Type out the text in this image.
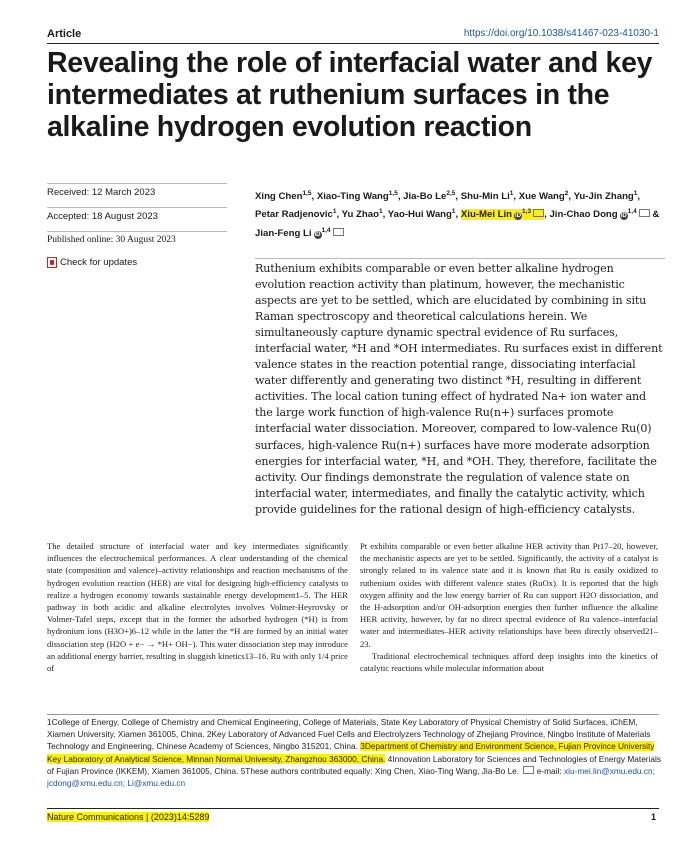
Article	https://doi.org/10.1038/s41467-023-41030-1
Revealing the role of interfacial water and key intermediates at ruthenium surfaces in the alkaline hydrogen evolution reaction
Received: 12 March 2023
Accepted: 18 August 2023
Published online: 30 August 2023
Check for updates
Xing Chen$^{1,5}$, Xiao-Ting Wang$^{1,5}$, Jia-Bo Le$^{2,5}$, Shu-Min Li$^1$, Xue Wang$^2$, Yu-Jin Zhang$^1$, Petar Radjenovic$^1$, Yu Zhao$^1$, Yao-Hui Wang$^1$, Xiu-Mei Lin iD$^{1,3}$ , Jin-Chao Dong iD$^{1,4}$ & Jian-Feng Li iD$^{1,4}$

Ruthenium exhibits comparable or even better alkaline hydrogen evolution reaction activity than platinum, however, the mechanistic aspects are yet to be settled, which are elucidated by combining in situ Raman spectroscopy and theoretical calculations herein. We simultaneously capture dynamic spectral evidence of Ru surfaces, interfacial water, *H and *OH intermediates. Ru surfaces exist in different valence states in the reaction potential range, dissociating interfacial water differently and generating two distinct *H, resulting in different activities. The local cation tuning effect of hydrated Na+ ion water and the large work function of high-valence Ru(n+) surfaces promote interfacial water dissociation. Moreover, compared to low-valence Ru(0) surfaces, high-valence Ru(n+) surfaces have more moderate adsorption energies for interfacial water, *H, and *OH. They, therefore, facilitate the activity. Our findings demonstrate the regulation of valence state on interfacial water, intermediates, and finally the catalytic activity, which provide guidelines for the rational design of high-efficiency catalysts.

The detailed structure of interfacial water and key intermediates significantly influences the electrochemical performances. A clear understanding of the chemical state (composition and valence)–activity relationships and reaction mechanisms of the hydrogen evolution reaction (HER) are vital for designing high-efficiency catalysts to realize a hydrogen economy towards sustainable energy development1–5. The HER pathway in both acidic and alkaline electrolytes involves Volmer-Heyrovsky or Volmer-Tafel steps, except that in the former the adsorbed hydrogen (*H) is from hydronium ions (H3O+)6–12 while in the latter the *H are formed by an initial water dissociation step (H2O + e− → *H+ OH−). This water dissociation step may introduce an additional energy barrier, resulting in sluggish kinetics13–16. Ru with only 1/4 price of

Pt exhibits comparable or even better alkaline HER activity than Pt17–20, however, the mechanistic aspects are yet to be settled. Significantly, the activity of a catalyst is strongly related to its valence state and it is known that Ru is easily oxidized to ruthenium oxides with different valence states (RuOx). It is reported that the high oxygen affinity and the low energy barrier of Ru can support H2O dissociation, and the H-adsorption and/or OH-adsorption energies then further influence the alkaline HER activity, however, by far no direct spectral evidence of Ru valence–interfacial water and intermediates–HER activity relationships have been directly observed21–23.
Traditional electrochemical techniques afford deep insights into the kinetics of catalytic reactions while molecular information about

1College of Energy, College of Chemistry and Chemical Engineering, College of Materials, State Key Laboratory of Physical Chemistry of Solid Surfaces, iChEM, Xiamen University, Xiamen 361005, China. 2Key Laboratory of Advanced Fuel Cells and Electrolyzers Technology of Zhejiang Province, Ningbo Institute of Materials Technology and Engineering, Chinese Academy of Sciences, Ningbo 315201, China. 3Department of Chemistry and Environment Science, Fujian Province University Key Laboratory of Analytical Science, Minnan Normal University, Zhangzhou 363000, China. 4Innovation Laboratory for Sciences and Technologies of Energy Materials of Fujian Province (IKKEM), Xiamen 361005, China. 5These authors contributed equally: Xing Chen, Xiao-Ting Wang, Jia-Bo Le. e-mail: xiu-mei.lin@xmu.edu.cn; jcdong@xmu.edu.cn; Li@xmu.edu.cn

Nature Communications | (2023)14:5289	1
